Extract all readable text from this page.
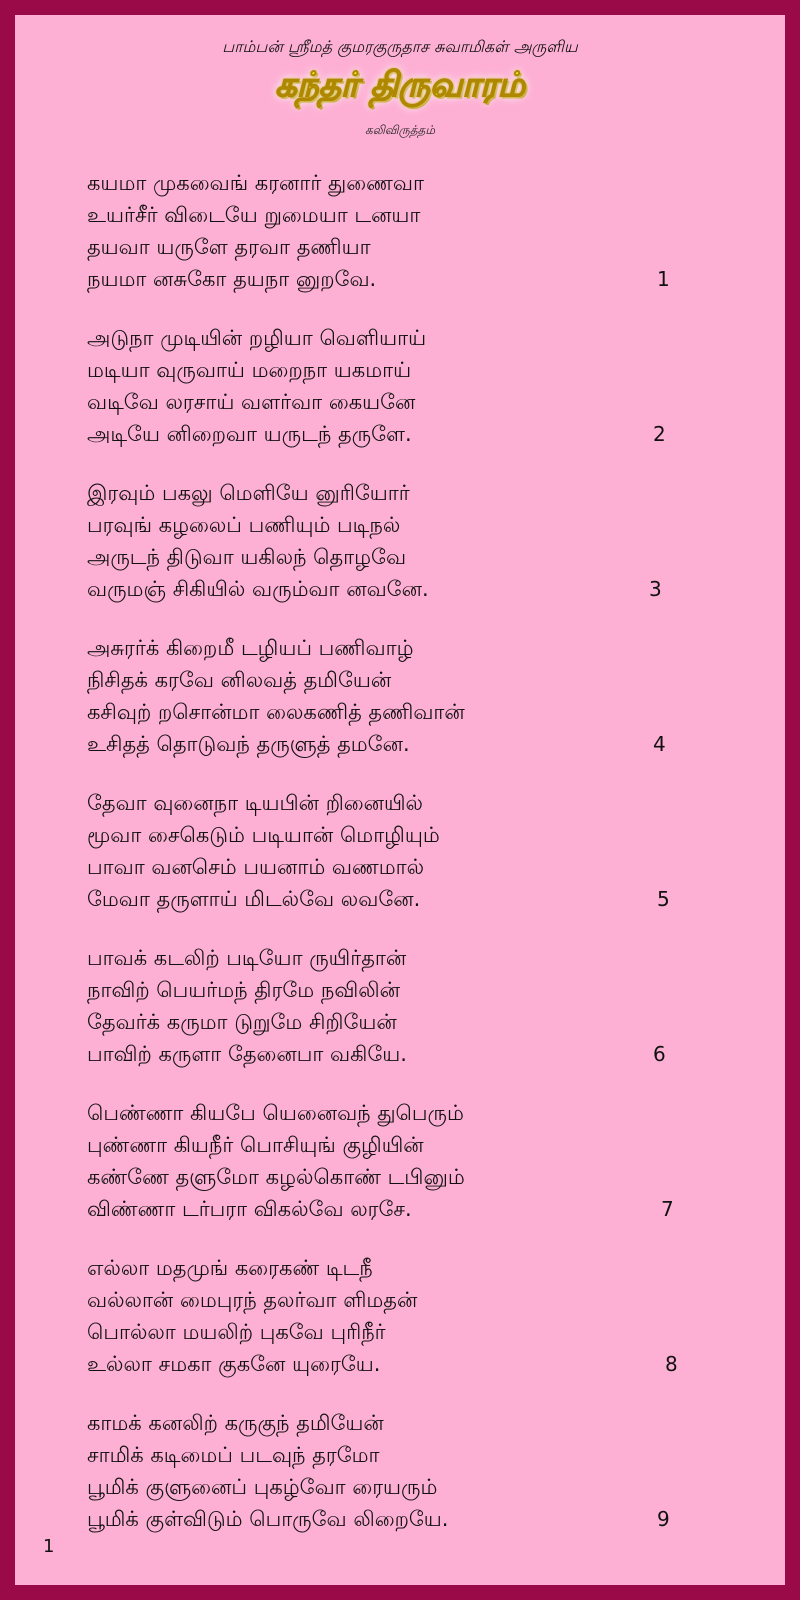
பாம்பன் ஸ்ரீமத் குமரகுருதாச சுவாமிகள் அருளிய
கந்தர் திருவாரம்
கலிவிருத்தம்
கயமா முகவைங் கரனார் துணைவா
உயர்சீர் விடையே றுமையா டனயா
தயவா யருளே தரவா தணியா
நயமா னசுகோ தயநா னுறவே.	1
அடுநா முடியின் றழியா வெளியாய்
மடியா வுருவாய் மறைநா யகமாய்
வடிவே லரசாய் வளர்வா கையனே
அடியே னிறைவா யருடந் தருளே.	2
இரவும் பகலு மெளியே னுரியோர்
பரவுங் கழலைப் பணியும் படிநல்
அருடந் திடுவா யகிலந் தொழவே
வருமஞ் சிகியில் வரும்வா னவனே.	3
அசுரர்க் கிறைமீ டழியப் பணிவாழ்
நிசிதக் கரவே னிலவத் தமியேன்
கசிவுற் றசொன்மா லைகணித் தணிவான்
உசிதத் தொடுவந் தருளுத் தமனே.	4
தேவா வுனைநா டியபின் றினையில்
மூவா சைகெடும் படியான் மொழியும்
பாவா வனசெம் பயனாம் வணமால்
மேவா தருளாய் மிடல்வே லவனே.	5
பாவக் கடலிற் படியோ ருயிர்தான்
நாவிற் பெயர்மந் திரமே நவிலின்
தேவர்க் கருமா டுறுமே சிறியேன்
பாவிற் கருளா தேனைபா வகியே.	6
பெண்ணா கியபே யெனைவந் துபெரும்
புண்ணா கியநீர் பொசியுங் குழியின்
கண்ணே தளுமோ கழல்கொண் டபினும்
விண்ணா டர்பரா விகல்வே லரசே.	7
எல்லா மதமுங் கரைகண் டிடநீ
வல்லான் மைபுரந் தலர்வா ளிமதன்
பொல்லா மயலிற் புகவே புரிநீர்
உல்லா சமகா குகனே யுரையே.	8
காமக் கனலிற் கருகுந் தமியேன்
சாமிக் கடிமைப் படவுந் தரமோ
பூமிக் குளுனைப் புகழ்வோ ரையரும்
பூமிக் குள்விடும் பொருவே லிறையே.	9
1
